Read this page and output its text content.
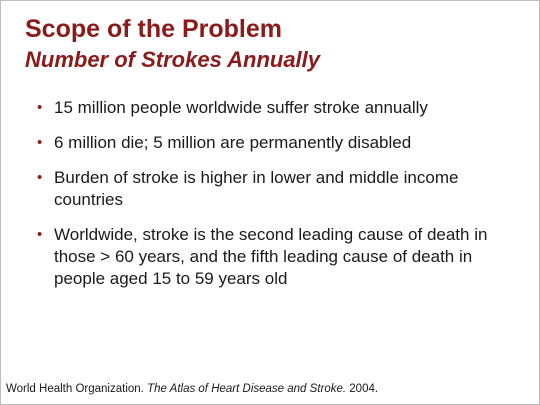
Scope of the Problem
Number of Strokes Annually
• 15 million people worldwide suffer stroke annually
• 6 million die; 5 million are permanently disabled
• Burden of stroke is higher in lower and middle income countries
• Worldwide, stroke is the second leading cause of death in those > 60 years, and the fifth leading cause of death in people aged 15 to 59 years old
World Health Organization. The Atlas of Heart Disease and Stroke. 2004.
